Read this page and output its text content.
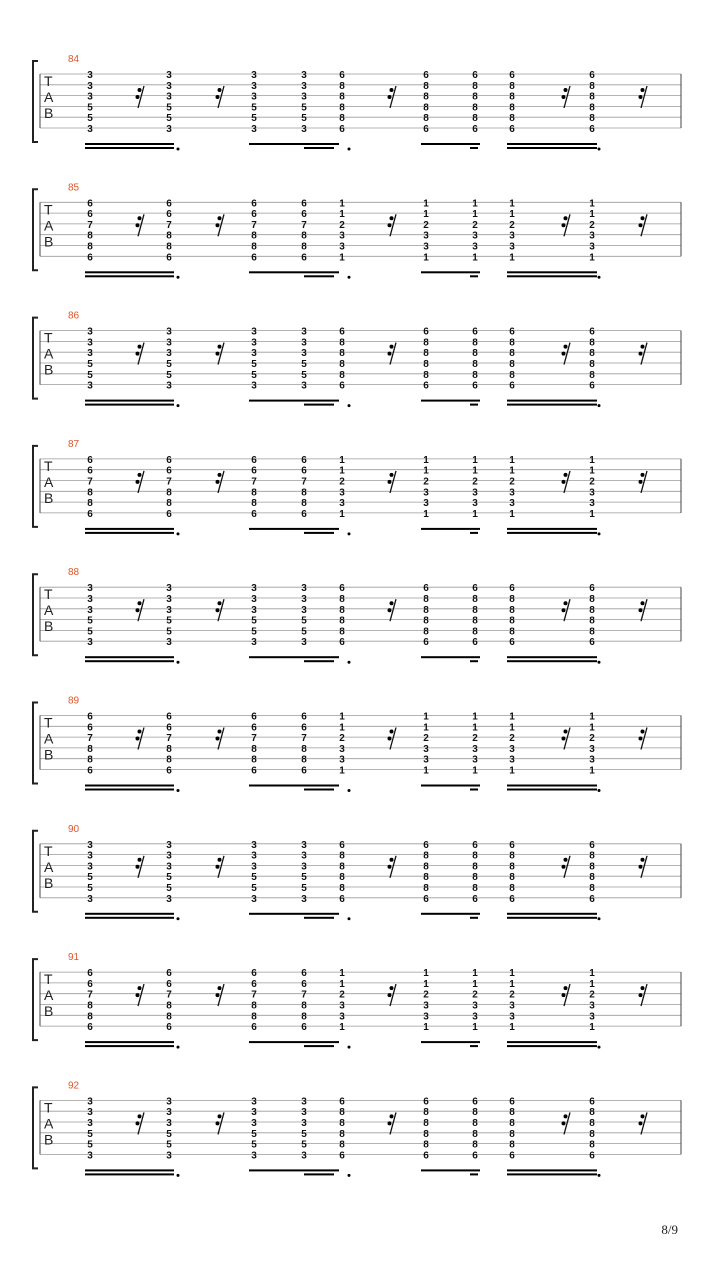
84
T
A
B
3
3
3
5
5
3
3
3
3
5
5
3
3
3
3
5
5
3
3
3
3
5
5
3
6
8
8
8
8
6
6
8
8
8
8
6
6
8
8
8
8
6
6
8
8
8
8
6
6
8
8
8
8
6
85
T
A
B
6
6
7
8
8
6
6
6
7
8
8
6
6
6
7
8
8
6
6
6
7
8
8
6
1
1
2
3
3
1
1
1
2
3
3
1
1
1
2
3
3
1
1
1
2
3
3
1
1
1
2
3
3
1
86
T
A
B
3
3
3
5
5
3
3
3
3
5
5
3
3
3
3
5
5
3
3
3
3
5
5
3
6
8
8
8
8
6
6
8
8
8
8
6
6
8
8
8
8
6
6
8
8
8
8
6
6
8
8
8
8
6
87
T
A
B
6
6
7
8
8
6
6
6
7
8
8
6
6
6
7
8
8
6
6
6
7
8
8
6
1
1
2
3
3
1
1
1
2
3
3
1
1
1
2
3
3
1
1
1
2
3
3
1
1
1
2
3
3
1
88
T
A
B
3
3
3
5
5
3
3
3
3
5
5
3
3
3
3
5
5
3
3
3
3
5
5
3
6
8
8
8
8
6
6
8
8
8
8
6
6
8
8
8
8
6
6
8
8
8
8
6
6
8
8
8
8
6
89
T
A
B
6
6
7
8
8
6
6
6
7
8
8
6
6
6
7
8
8
6
6
6
7
8
8
6
1
1
2
3
3
1
1
1
2
3
3
1
1
1
2
3
3
1
1
1
2
3
3
1
1
1
2
3
3
1
90
T
A
B
3
3
3
5
5
3
3
3
3
5
5
3
3
3
3
5
5
3
3
3
3
5
5
3
6
8
8
8
8
6
6
8
8
8
8
6
6
8
8
8
8
6
6
8
8
8
8
6
6
8
8
8
8
6
91
T
A
B
6
6
7
8
8
6
6
6
7
8
8
6
6
6
7
8
8
6
6
6
7
8
8
6
1
1
2
3
3
1
1
1
2
3
3
1
1
1
2
3
3
1
1
1
2
3
3
1
1
1
2
3
3
1
92
T
A
B
3
3
3
5
5
3
3
3
3
5
5
3
3
3
3
5
5
3
3
3
3
5
5
3
6
8
8
8
8
6
6
8
8
8
8
6
6
8
8
8
8
6
6
8
8
8
8
6
6
8
8
8
8
6
8/9
